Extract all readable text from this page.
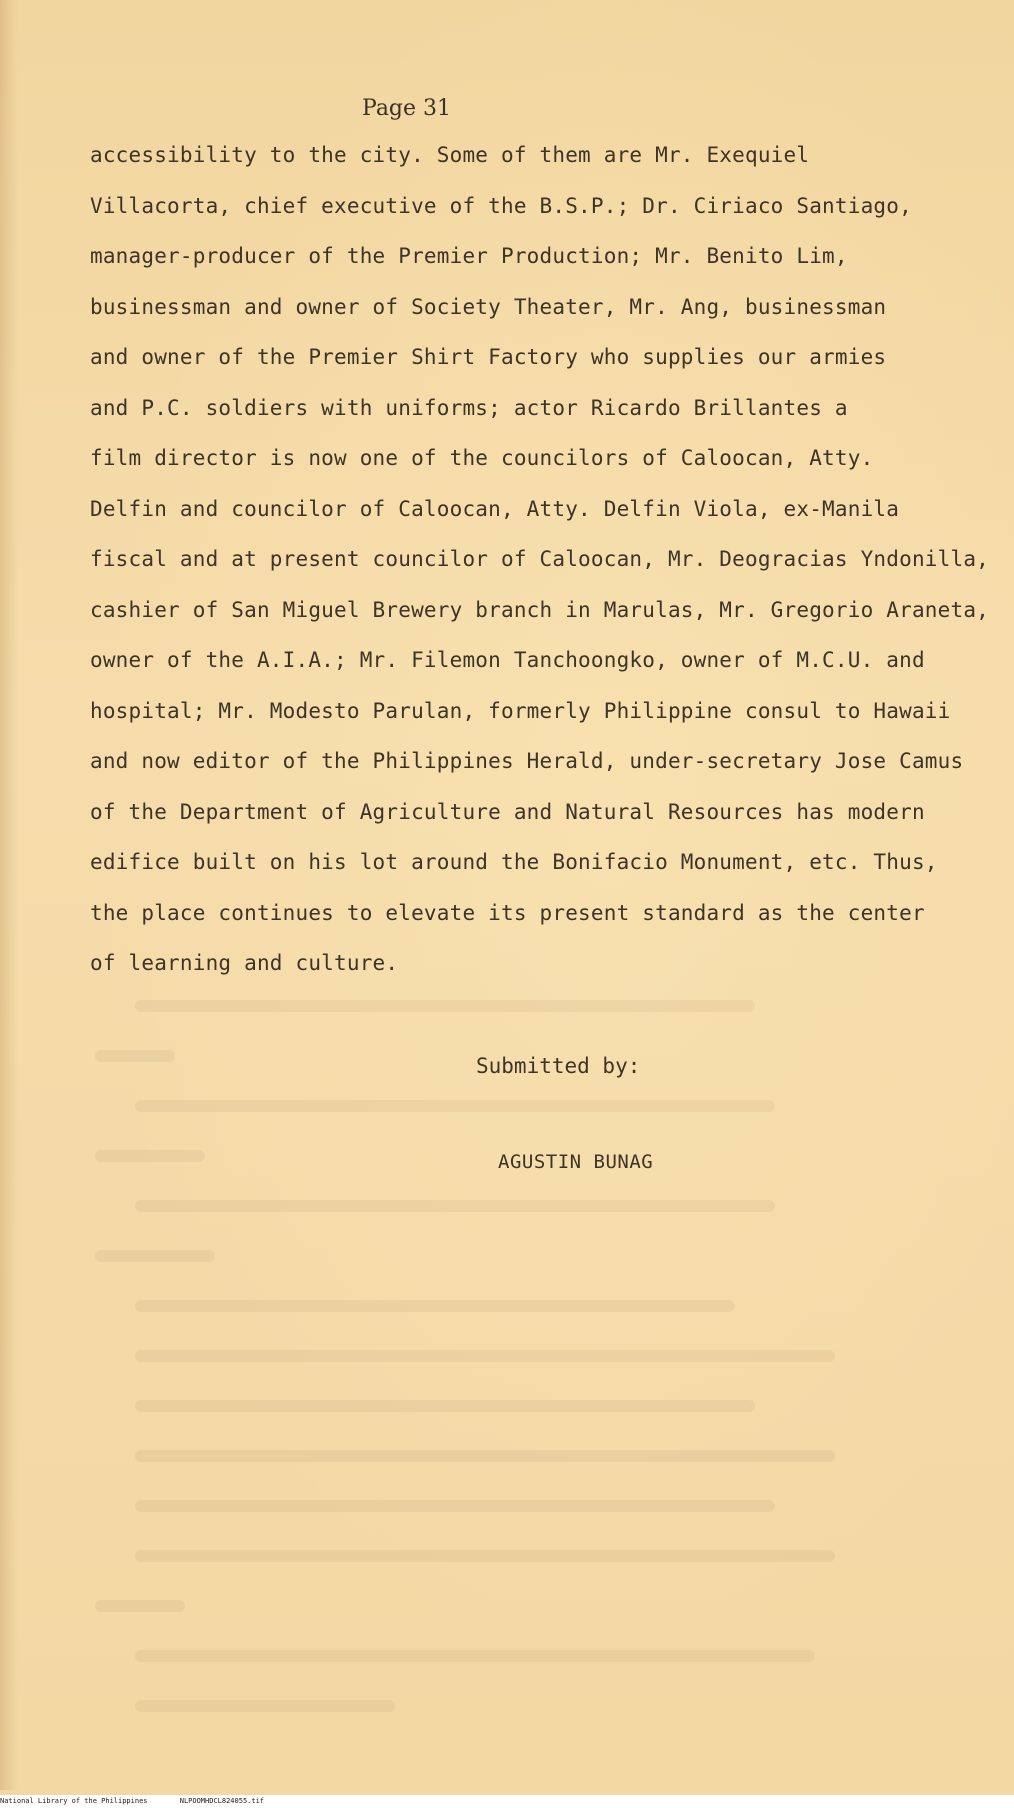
Page 31
accessibility to the city. Some of them are Mr. Exequiel
Villacorta, chief executive of the B.S.P.; Dr. Ciriaco Santiago,
manager-producer of the Premier Production; Mr. Benito Lim,
businessman and owner of Society Theater, Mr. Ang, businessman
and owner of the Premier Shirt Factory who supplies our armies
and P.C. soldiers with uniforms; actor Ricardo Brillantes a
film director is now one of the councilors of Caloocan, Atty.
Delfin and councilor of Caloocan, Atty. Delfin Viola, ex-Manila
fiscal and at present councilor of Caloocan, Mr. Deogracias Yndonilla,
cashier of San Miguel Brewery branch in Marulas, Mr. Gregorio Araneta,
owner of the A.I.A.; Mr. Filemon Tanchoongko, owner of M.C.U. and
hospital; Mr. Modesto Parulan, formerly Philippine consul to Hawaii
and now editor of the Philippines Herald, under-secretary Jose Camus
of the Department of Agriculture and Natural Resources has modern
edifice built on his lot around the Bonifacio Monument, etc. Thus,
the place continues to elevate its present standard as the center
of learning and culture.
Submitted by:
AGUSTIN BUNAG
National Library of the Philippines	NLPOOMHDCL824055.tif
